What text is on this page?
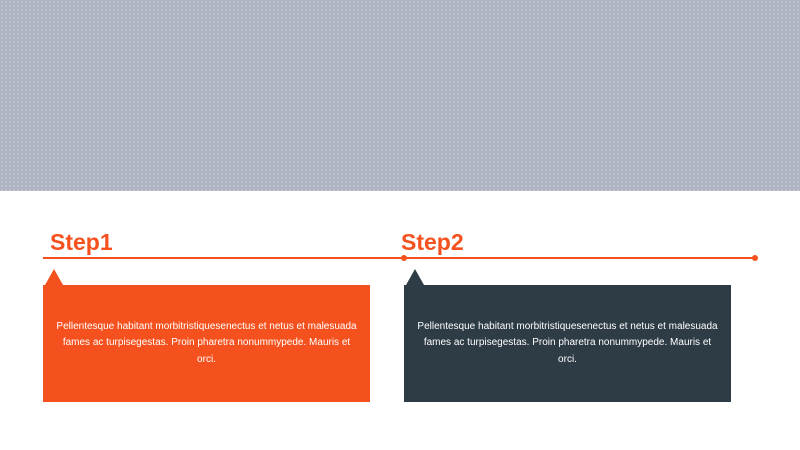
Step1	Step2

Pellentesque habitant morbitristiquesenectus et netus et malesuada fames ac turpisegestas. Proin pharetra nonummypede. Mauris et orci.

Pellentesque habitant morbitristiquesenectus et netus et malesuada fames ac turpisegestas. Proin pharetra nonummypede. Mauris et orci.
